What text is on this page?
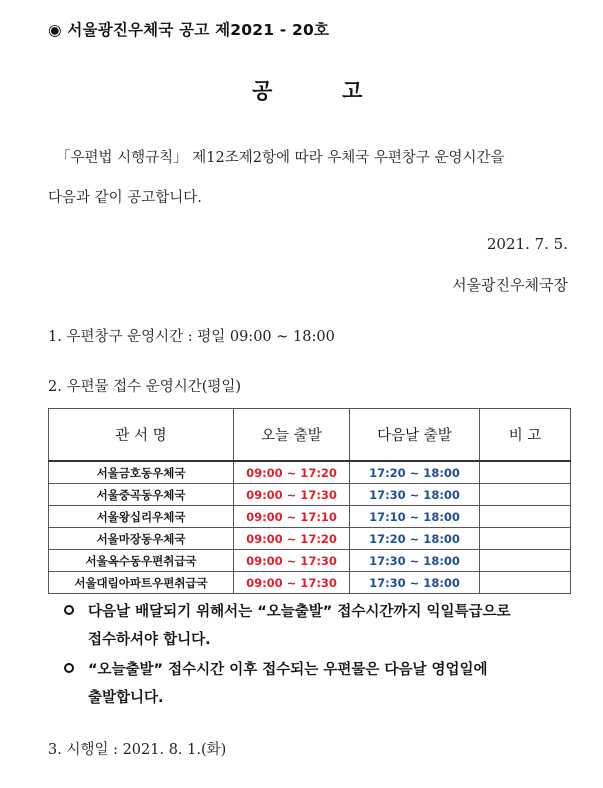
◉ 서울광진우체국 공고 제2021 - 20호
공	고
「우편법 시행규칙」 제12조제2항에 따라 우체국 우편창구 운영시간을
다음과 같이 공고합니다.
2021. 7. 5.
서울광진우체국장
1. 우편창구 운영시간 : 평일 09:00 ~ 18:00
2. 우편물 접수 운영시간(평일)
관 서 명	오늘 출발	다음날 출발	비 고
서울금호동우체국	09:00 ~ 17:20	17:20 ~ 18:00	
서울중곡동우체국	09:00 ~ 17:30	17:30 ~ 18:00	
서울왕십리우체국	09:00 ~ 17:10	17:10 ~ 18:00	
서울마장동우체국	09:00 ~ 17:20	17:20 ~ 18:00	
서울옥수동우편취급국	09:00 ~ 17:30	17:30 ~ 18:00	
서울대림아파트우편취급국	09:00 ~ 17:30	17:30 ~ 18:00	
다음날 배달되기 위해서는 “오늘출발” 접수시간까지 익일특급으로
접수하셔야 합니다.
“오늘출발” 접수시간 이후 접수되는 우편물은 다음날 영업일에
출발합니다.
3. 시행일 : 2021. 8. 1.(화)
